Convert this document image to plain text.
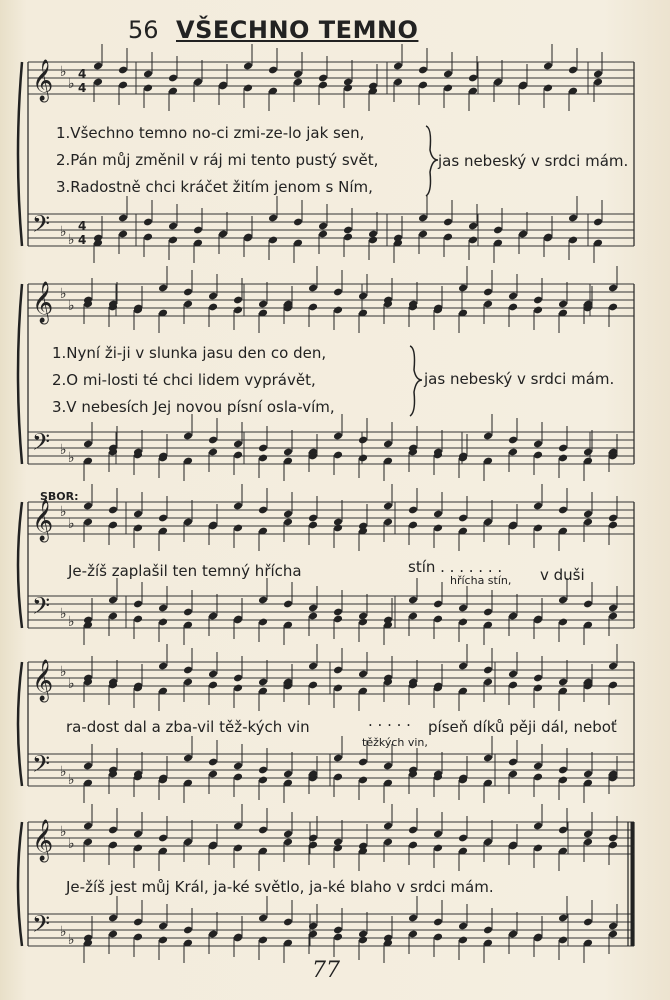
56 VŠECHNO TEMNO
𝄞 ♭
♭
4
4
𝄢 ♭ ♭
4
4
𝄞 ♭
♭
𝄢 ♭ ♭
𝄞 ♭
♭
𝄢 ♭ ♭
𝄞 ♭
♭
𝄢 ♭ ♭
𝄞 ♭
♭
𝄢 ♭ ♭
1.Všechno temno no-ci zmi-ze-lo jak sen,
2.Pán můj změnil v ráj mi tento pustý svět,
3.Radostně chci kráčet žitím jenom s Ním,
jas nebeský v srdci mám.
1.Nyní ži-ji v slunka jasu den co den,
2.O mi-losti té chci lidem vyprávět,
3.V nebesích Jej novou písní osla-vím,
jas nebeský v srdci mám.
SBOR:
Je-žíš zaplašil ten temný hřícha	stín . . . . . . .	v duši
hřícha stín,
ra-dost dal a zba-vil těž-kých vin	. . . . . píseň díků pěji dál, neboť
těžkých vin,
Je-žíš jest můj Král, ja-ké světlo, ja-ké blaho v srdci mám.
77
